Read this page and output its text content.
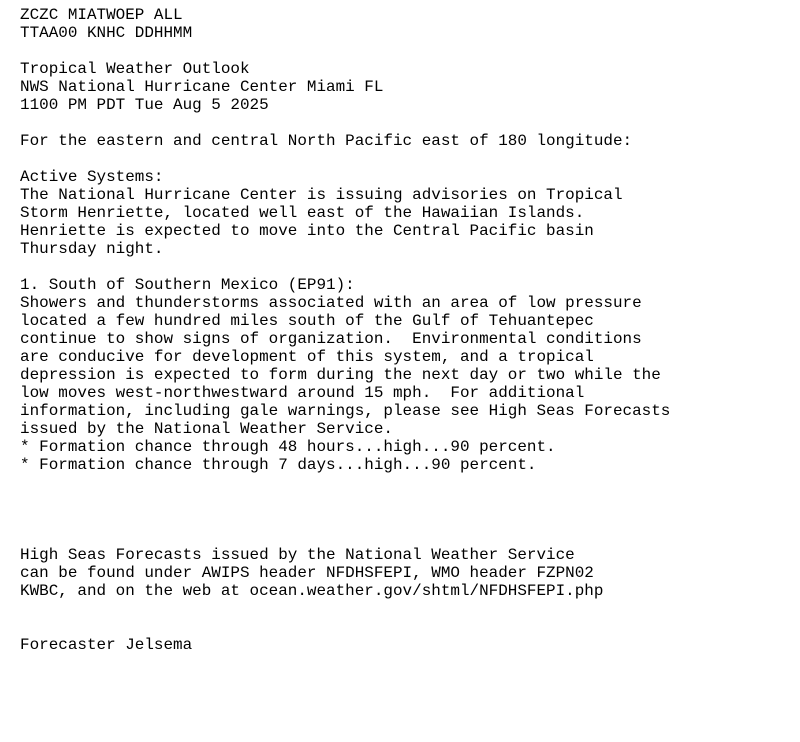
ZCZC MIATWOEP ALL
TTAA00 KNHC DDHHMM
Tropical Weather Outlook
NWS National Hurricane Center Miami FL
1100 PM PDT Tue Aug 5 2025
For the eastern and central North Pacific east of 180 longitude:
Active Systems:
The National Hurricane Center is issuing advisories on Tropical
Storm Henriette, located well east of the Hawaiian Islands.
Henriette is expected to move into the Central Pacific basin
Thursday night.
1. South of Southern Mexico (EP91):
Showers and thunderstorms associated with an area of low pressure
located a few hundred miles south of the Gulf of Tehuantepec
continue to show signs of organization.  Environmental conditions
are conducive for development of this system, and a tropical
depression is expected to form during the next day or two while the
low moves west-northwestward around 15 mph.  For additional
information, including gale warnings, please see High Seas Forecasts
issued by the National Weather Service.
* Formation chance through 48 hours...high...90 percent.
* Formation chance through 7 days...high...90 percent.
High Seas Forecasts issued by the National Weather Service
can be found under AWIPS header NFDHSFEPI, WMO header FZPN02
KWBC, and on the web at ocean.weather.gov/shtml/NFDHSFEPI.php
Forecaster Jelsema
